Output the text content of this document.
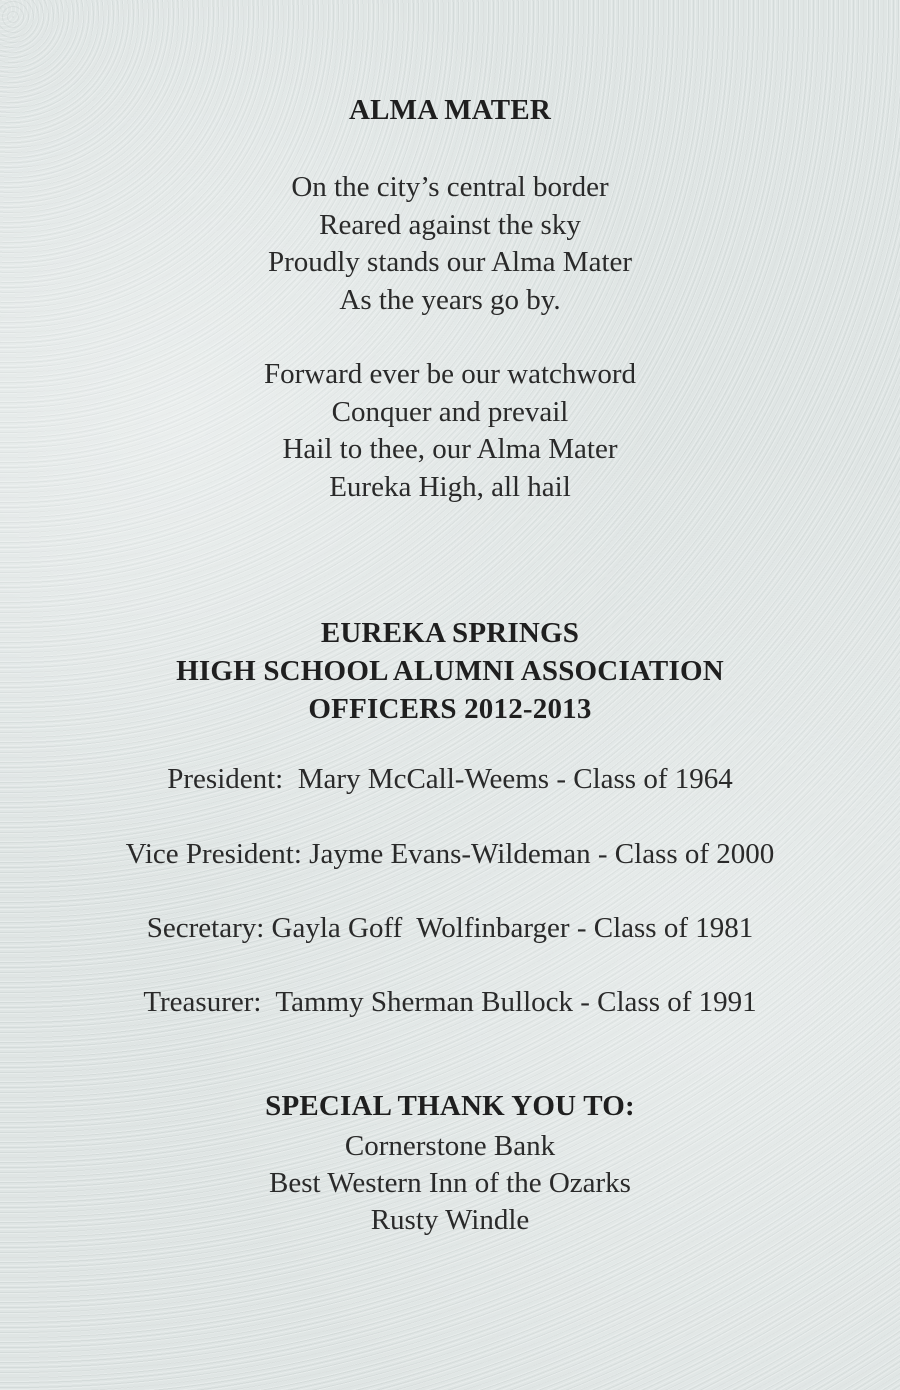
ALMA MATER
On the city’s central border
Reared against the sky
Proudly stands our Alma Mater
As the years go by.
Forward ever be our watchword
Conquer and prevail
Hail to thee, our Alma Mater
Eureka High, all hail
EUREKA SPRINGS
HIGH SCHOOL ALUMNI ASSOCIATION
OFFICERS 2012-2013
President:  Mary McCall-Weems - Class of 1964
Vice President: Jayme Evans-Wildeman - Class of 2000
Secretary: Gayla Goff  Wolfinbarger - Class of 1981
Treasurer:  Tammy Sherman Bullock - Class of 1991
SPECIAL THANK YOU TO:
Cornerstone Bank
Best Western Inn of the Ozarks
Rusty Windle
